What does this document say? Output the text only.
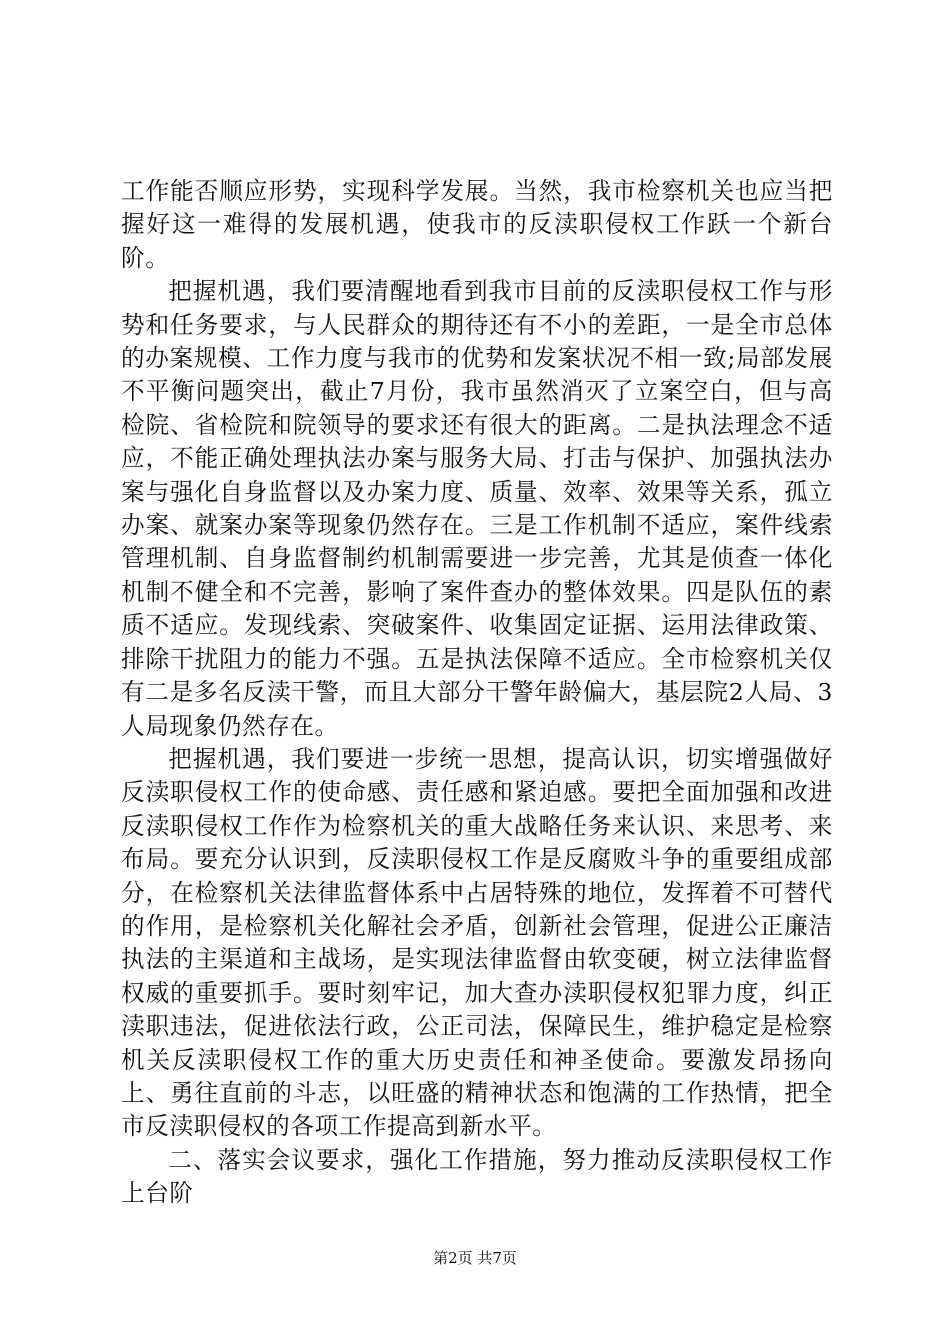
工作能否顺应形势，实现科学发展。当然，我市检察机关也应当把握好这一难得的发展机遇，使我市的反渎职侵权工作跃一个新台阶。

把握机遇，我们要清醒地看到我市目前的反渎职侵权工作与形势和任务要求，与人民群众的期待还有不小的差距，一是全市总体的办案规模、工作力度与我市的优势和发案状况不相一致;局部发展不平衡问题突出，截止7月份，我市虽然消灭了立案空白，但与高检院、省检院和院领导的要求还有很大的距离。二是执法理念不适应，不能正确处理执法办案与服务大局、打击与保护、加强执法办案与强化自身监督以及办案力度、质量、效率、效果等关系，孤立办案、就案办案等现象仍然存在。三是工作机制不适应，案件线索管理机制、自身监督制约机制需要进一步完善，尤其是侦查一体化机制不健全和不完善，影响了案件查办的整体效果。四是队伍的素质不适应。发现线索、突破案件、收集固定证据、运用法律政策、排除干扰阻力的能力不强。五是执法保障不适应。全市检察机关仅有二是多名反渎干警，而且大部分干警年龄偏大，基层院2人局、3人局现象仍然存在。

把握机遇，我们要进一步统一思想，提高认识，切实增强做好反渎职侵权工作的使命感、责任感和紧迫感。要把全面加强和改进反渎职侵权工作作为检察机关的重大战略任务来认识、来思考、来布局。要充分认识到，反渎职侵权工作是反腐败斗争的重要组成部分，在检察机关法律监督体系中占居特殊的地位，发挥着不可替代的作用，是检察机关化解社会矛盾，创新社会管理，促进公正廉洁执法的主渠道和主战场，是实现法律监督由软变硬，树立法律监督权威的重要抓手。要时刻牢记，加大查办渎职侵权犯罪力度，纠正渎职违法，促进依法行政，公正司法，保障民生，维护稳定是检察机关反渎职侵权工作的重大历史责任和神圣使命。要激发昂扬向上、勇往直前的斗志，以旺盛的精神状态和饱满的工作热情，把全市反渎职侵权的各项工作提高到新水平。

二、落实会议要求，强化工作措施，努力推动反渎职侵权工作上台阶

第2页 共7页
